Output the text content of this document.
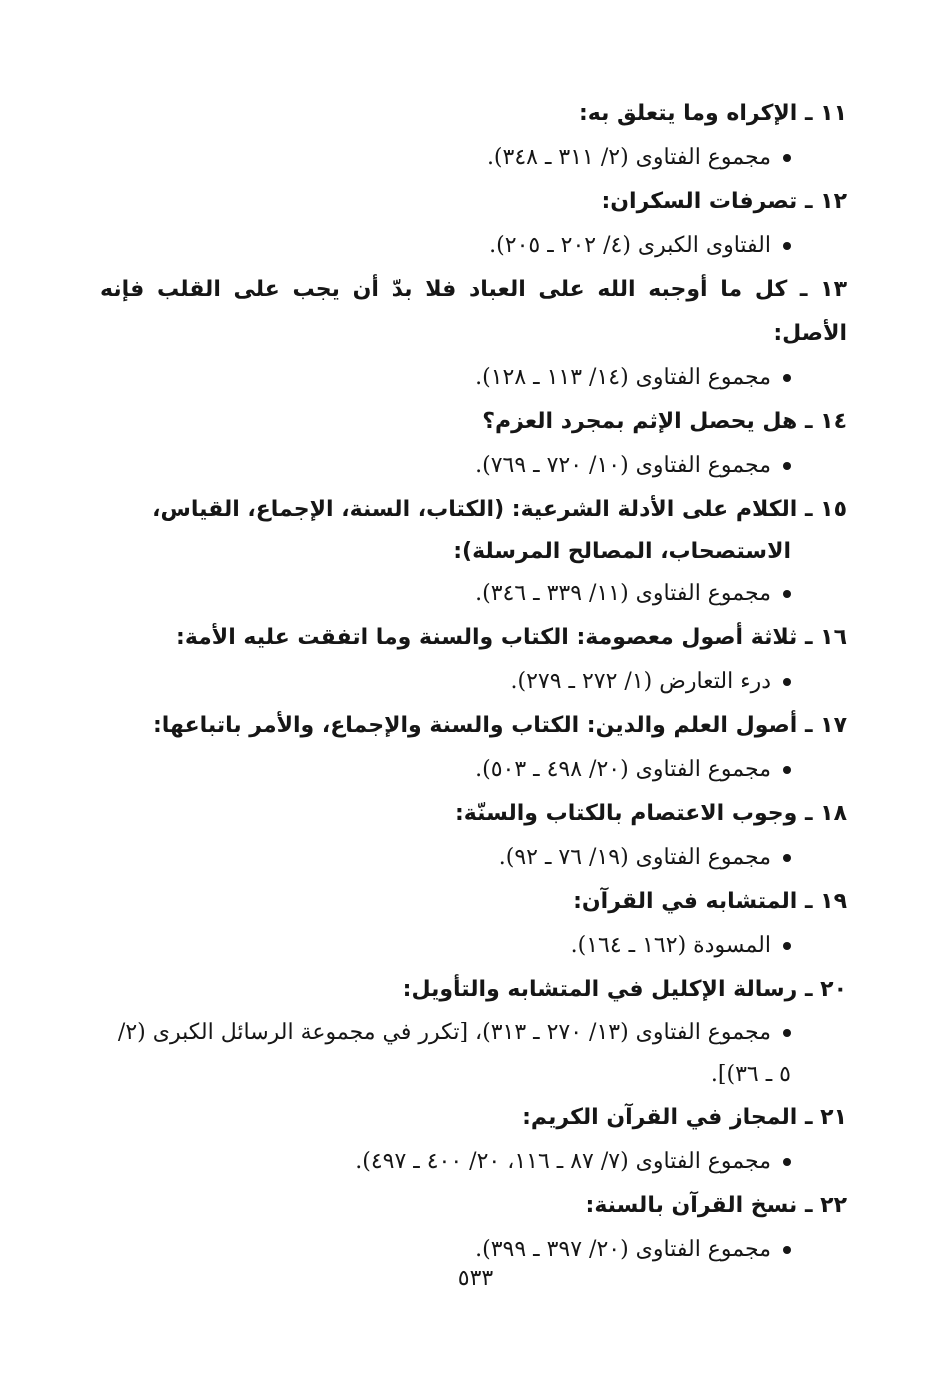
١١ ـ الإكراه وما يتعلق به:

مجموع الفتاوى (٢/ ٣١١ ـ ٣٤٨).

١٢ ـ تصرفات السكران:

الفتاوى الكبرى (٤/ ٢٠٢ ـ ٢٠٥).

١٣ ـ كل ما أوجبه الله على العباد فلا بدّ أن يجب على القلب فإنه الأصل:

مجموع الفتاوى (١٤/ ١١٣ ـ ١٢٨).

١٤ ـ هل يحصل الإثم بمجرد العزم؟

مجموع الفتاوى (١٠/ ٧٢٠ ـ ٧٦٩).

١٥ ـ الكلام على الأدلة الشرعية: (الكتاب، السنة، الإجماع، القياس،
الاستصحاب، المصالح المرسلة):

مجموع الفتاوى (١١/ ٣٣٩ ـ ٣٤٦).

١٦ ـ ثلاثة أصول معصومة: الكتاب والسنة وما اتفقت عليه الأمة:

درء التعارض (١/ ٢٧٢ ـ ٢٧٩).

١٧ ـ أصول العلم والدين: الكتاب والسنة والإجماع، والأمر باتباعها:

مجموع الفتاوى (٢٠/ ٤٩٨ ـ ٥٠٣).

١٨ ـ وجوب الاعتصام بالكتاب والسنّة:

مجموع الفتاوى (١٩/ ٧٦ ـ ٩٢).

١٩ ـ المتشابه في القرآن:

المسودة (١٦٢ ـ ١٦٤).

٢٠ ـ رسالة الإكليل في المتشابه والتأويل:

مجموع الفتاوى (١٣/ ٢٧٠ ـ ٣١٣)، [تكرر في مجموعة الرسائل الكبرى (٢/ ٥ ـ ٣٦)].

٢١ ـ المجاز في القرآن الكريم:

مجموع الفتاوى (٧/ ٨٧ ـ ١١٦، ٢٠/ ٤٠٠ ـ ٤٩٧).

٢٢ ـ نسخ القرآن بالسنة:

مجموع الفتاوى (٢٠/ ٣٩٧ ـ ٣٩٩).

٥٣٣
